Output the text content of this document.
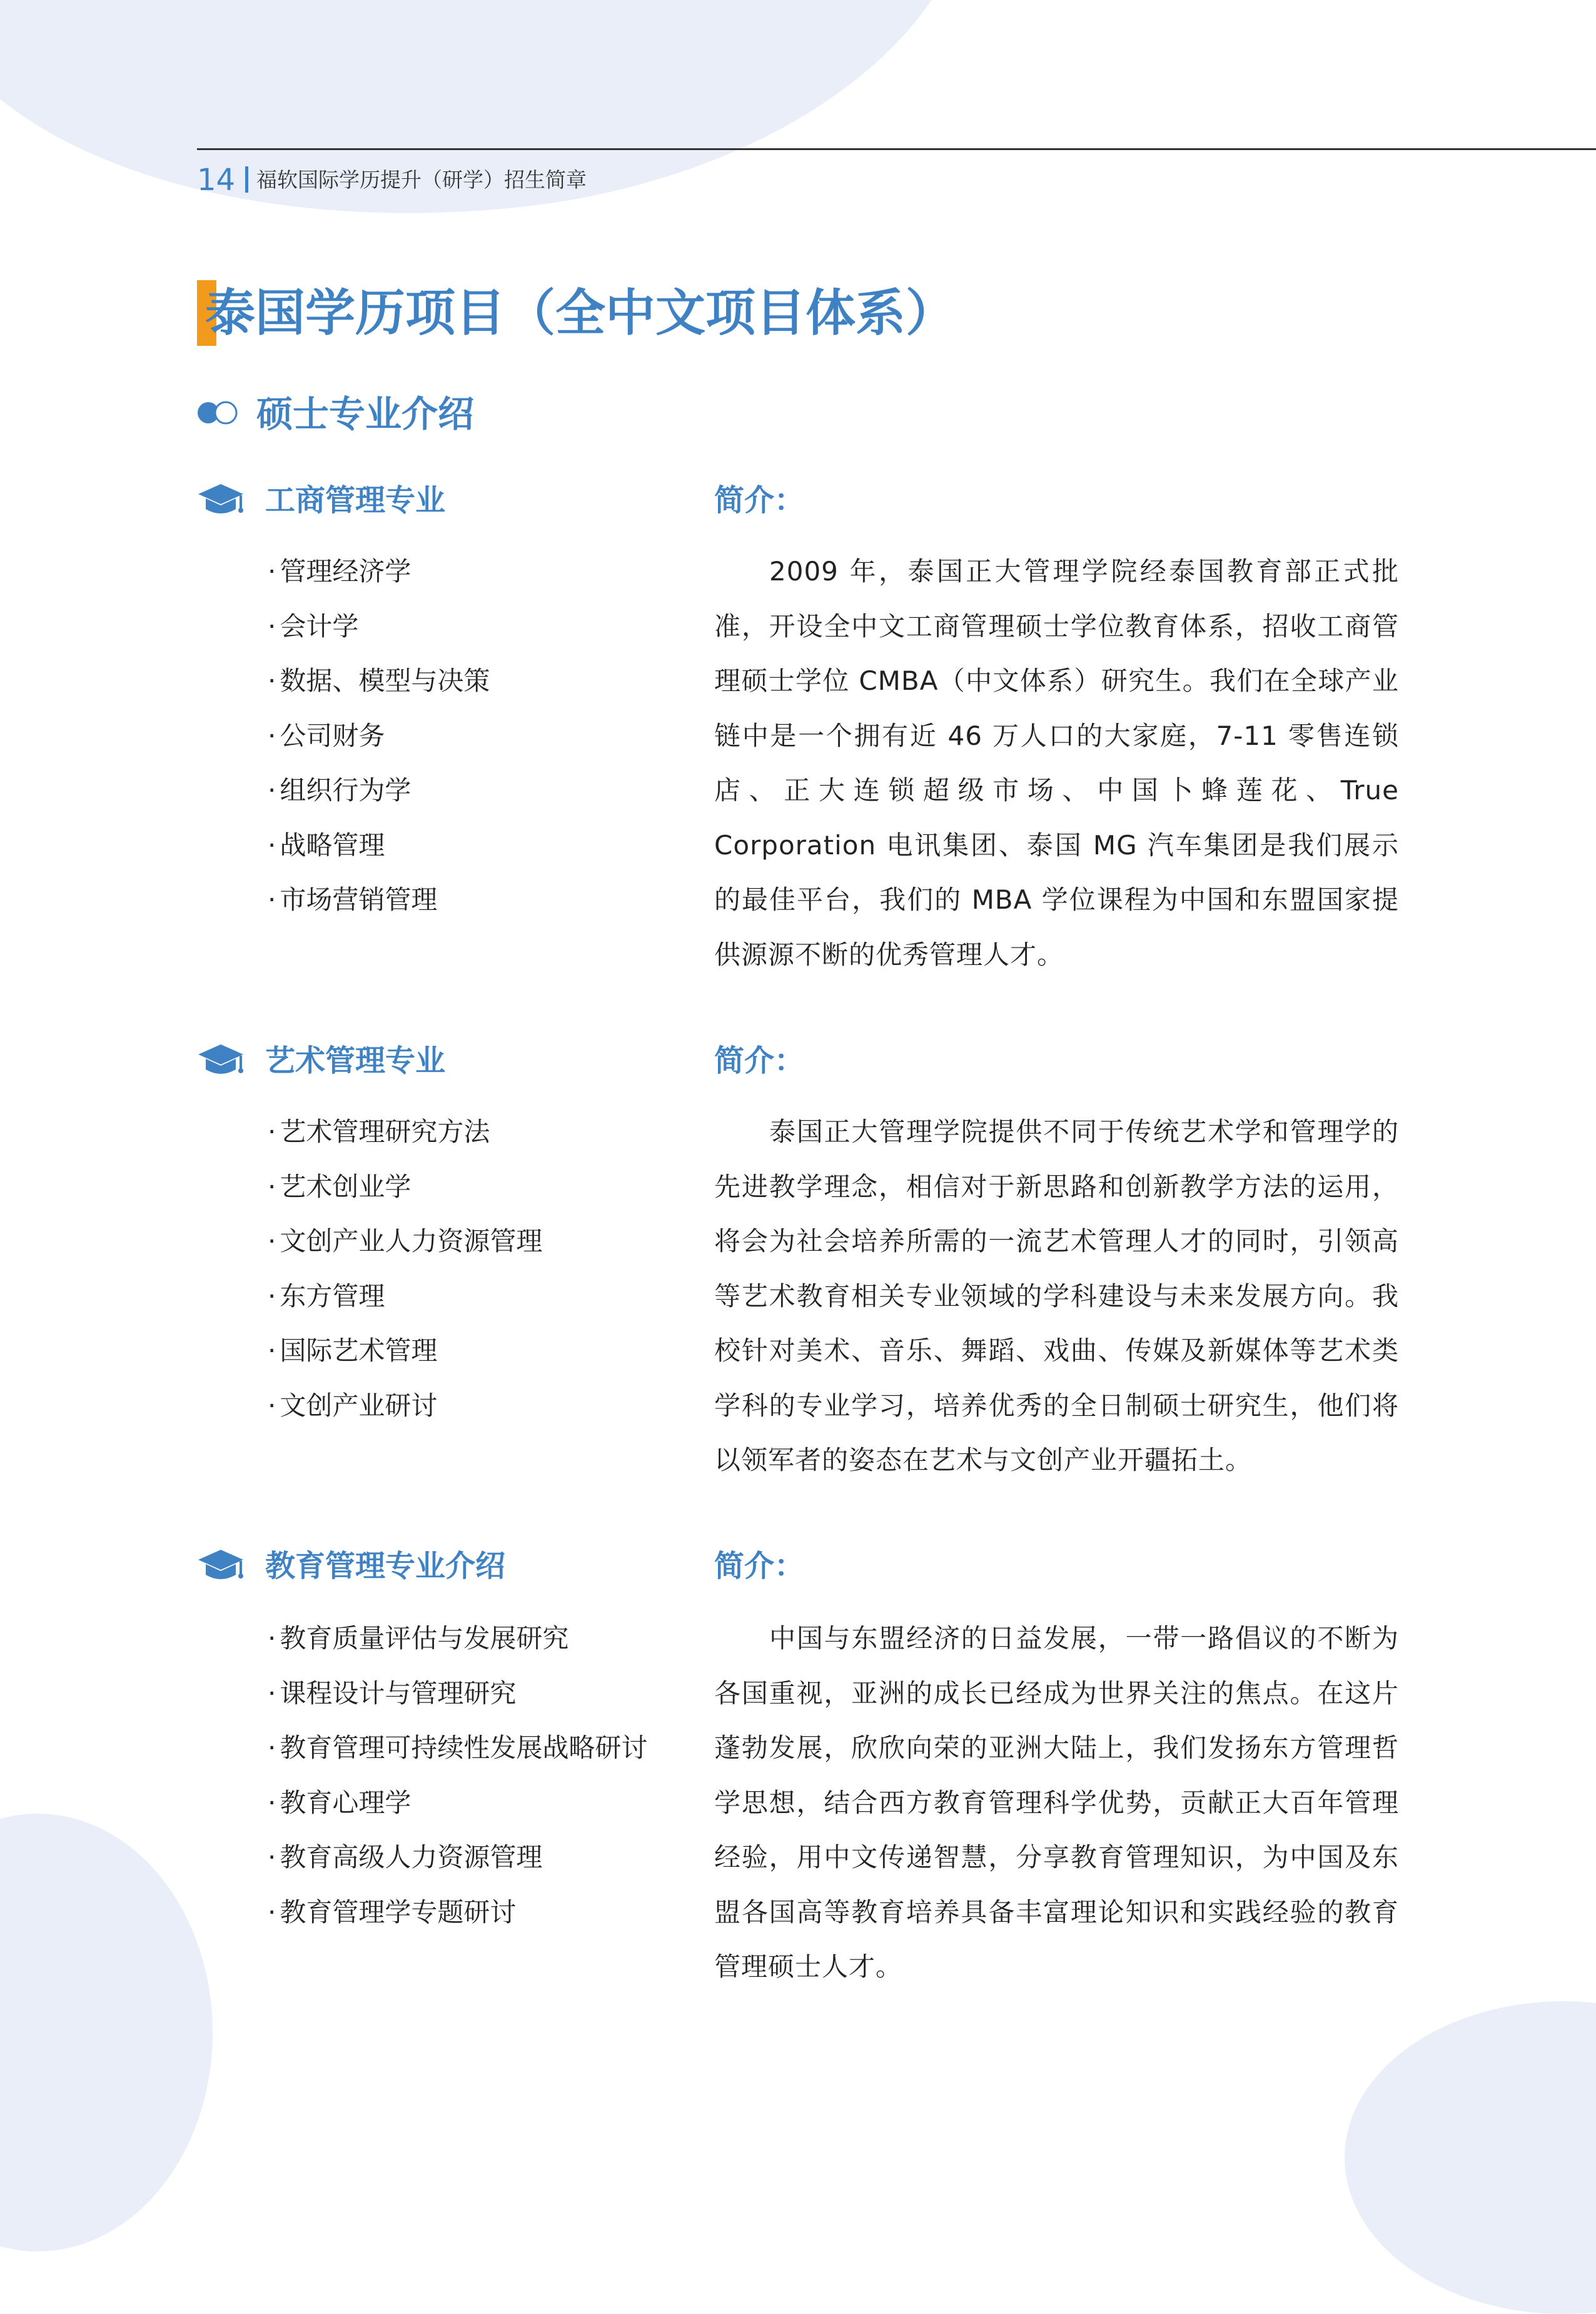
14 福软国际学历提升（研学）招生简章
泰国学历项目（全中文项目体系）
硕士专业介绍
工商管理专业	简介：
· 管理经济学
· 会计学
· 数据、模型与决策
· 公司财务
· 组织行为学
· 战略管理
· 市场营销管理

2009 年，泰国正大管理学院经泰国教育部正式批准，开设全中文工商管理硕士学位教育体系，招收工商管理硕士学位 CMBA（中文体系）研究生。我们在全球产业链中是一个拥有近 46 万人口的大家庭，7-11 零售连锁店、正大连锁超级市场、中国卜蜂莲花、True Corporation 电讯集团、泰国 MG 汽车集团是我们展示的最佳平台，我们的 MBA 学位课程为中国和东盟国家提供源源不断的优秀管理人才。

艺术管理专业	简介：
· 艺术管理研究方法
· 艺术创业学
· 文创产业人力资源管理
· 东方管理
· 国际艺术管理
· 文创产业研讨

泰国正大管理学院提供不同于传统艺术学和管理学的先进教学理念，相信对于新思路和创新教学方法的运用，将会为社会培养所需的一流艺术管理人才的同时，引领高等艺术教育相关专业领域的学科建设与未来发展方向。我校针对美术、音乐、舞蹈、戏曲、传媒及新媒体等艺术类学科的专业学习，培养优秀的全日制硕士研究生，他们将以领军者的姿态在艺术与文创产业开疆拓土。

教育管理专业介绍	简介：
· 教育质量评估与发展研究
· 课程设计与管理研究
· 教育管理可持续性发展战略研讨
· 教育心理学
· 教育高级人力资源管理
· 教育管理学专题研讨

中国与东盟经济的日益发展，一带一路倡议的不断为各国重视，亚洲的成长已经成为世界关注的焦点。在这片蓬勃发展，欣欣向荣的亚洲大陆上，我们发扬东方管理哲学思想，结合西方教育管理科学优势，贡献正大百年管理经验，用中文传递智慧，分享教育管理知识，为中国及东盟各国高等教育培养具备丰富理论知识和实践经验的教育管理硕士人才。
